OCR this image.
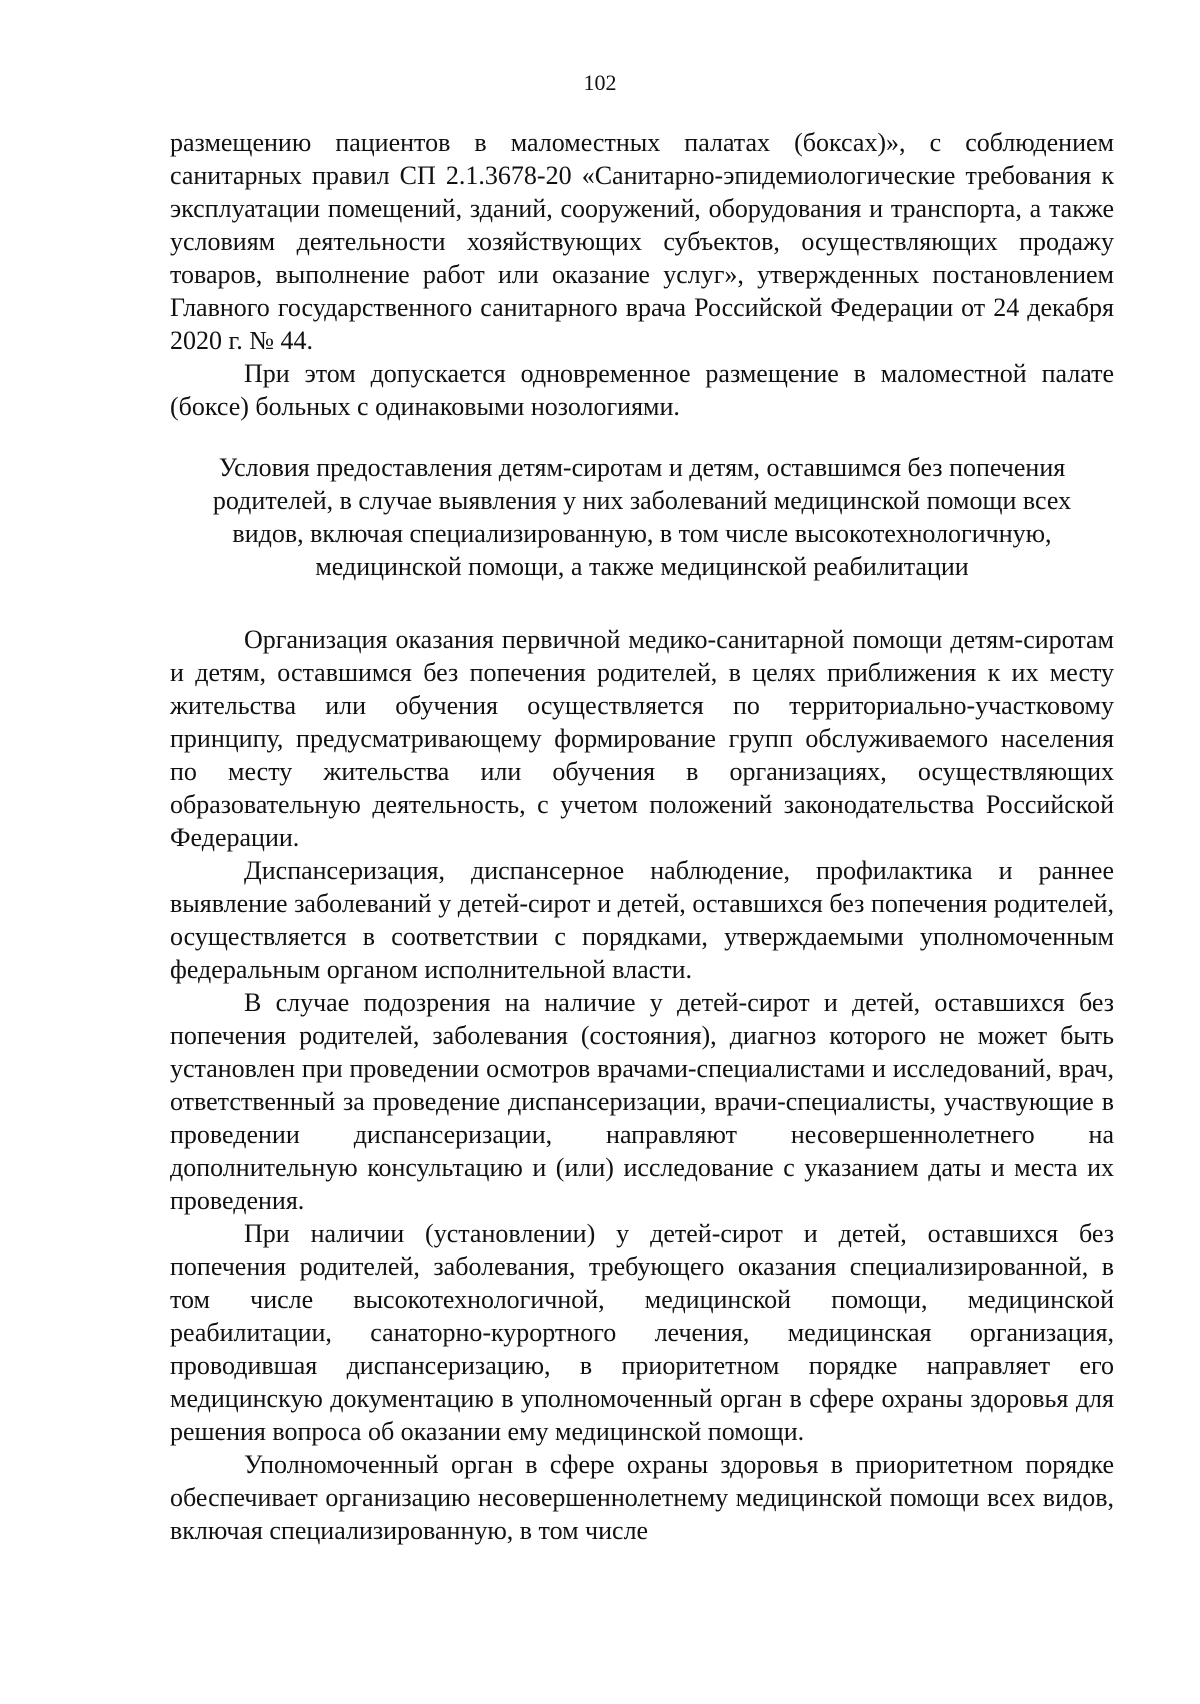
102

размещению пациентов в маломестных палатах (боксах)», с соблюдением санитарных правил СП 2.1.3678-20 «Санитарно-эпидемиологические требования к эксплуатации помещений, зданий, сооружений, оборудования и транспорта, а также условиям деятельности хозяйствующих субъектов, осуществляющих продажу товаров, выполнение работ или оказание услуг», утвержденных постановлением Главного государственного санитарного врача Российской Федерации от 24 декабря 2020 г. № 44.

При этом допускается одновременное размещение в маломестной палате (боксе) больных с одинаковыми нозологиями.

Условия предоставления детям-сиротам и детям, оставшимся без попечения
родителей, в случае выявления у них заболеваний медицинской помощи всех
видов, включая специализированную, в том числе высокотехнологичную,
медицинской помощи, а также медицинской реабилитации

Организация оказания первичной медико-санитарной помощи детям-сиротам и детям, оставшимся без попечения родителей, в целях приближения к их месту жительства или обучения осуществляется по территориально-участковому принципу, предусматривающему формирование групп обслуживаемого населения по месту жительства или обучения в организациях, осуществляющих образовательную деятельность, с учетом положений законодательства Российской Федерации.

Диспансеризация, диспансерное наблюдение, профилактика и раннее выявление заболеваний у детей-сирот и детей, оставшихся без попечения родителей, осуществляется в соответствии с порядками, утверждаемыми уполномоченным федеральным органом исполнительной власти.

В случае подозрения на наличие у детей-сирот и детей, оставшихся без попечения родителей, заболевания (состояния), диагноз которого не может быть установлен при проведении осмотров врачами-специалистами и исследований, врач, ответственный за проведение диспансеризации, врачи-специалисты, участвующие в проведении диспансеризации, направляют несовершеннолетнего на дополнительную консультацию и (или) исследование с указанием даты и места их проведения.

При наличии (установлении) у детей-сирот и детей, оставшихся без попечения родителей, заболевания, требующего оказания специализированной, в том числе высокотехнологичной, медицинской помощи, медицинской реабилитации, санаторно-курортного лечения, медицинская организация, проводившая диспансеризацию, в приоритетном порядке направляет его медицинскую документацию в уполномоченный орган в сфере охраны здоровья для решения вопроса об оказании ему медицинской помощи.

Уполномоченный орган в сфере охраны здоровья в приоритетном порядке обеспечивает организацию несовершеннолетнему медицинской помощи всех видов, включая специализированную, в том числе
